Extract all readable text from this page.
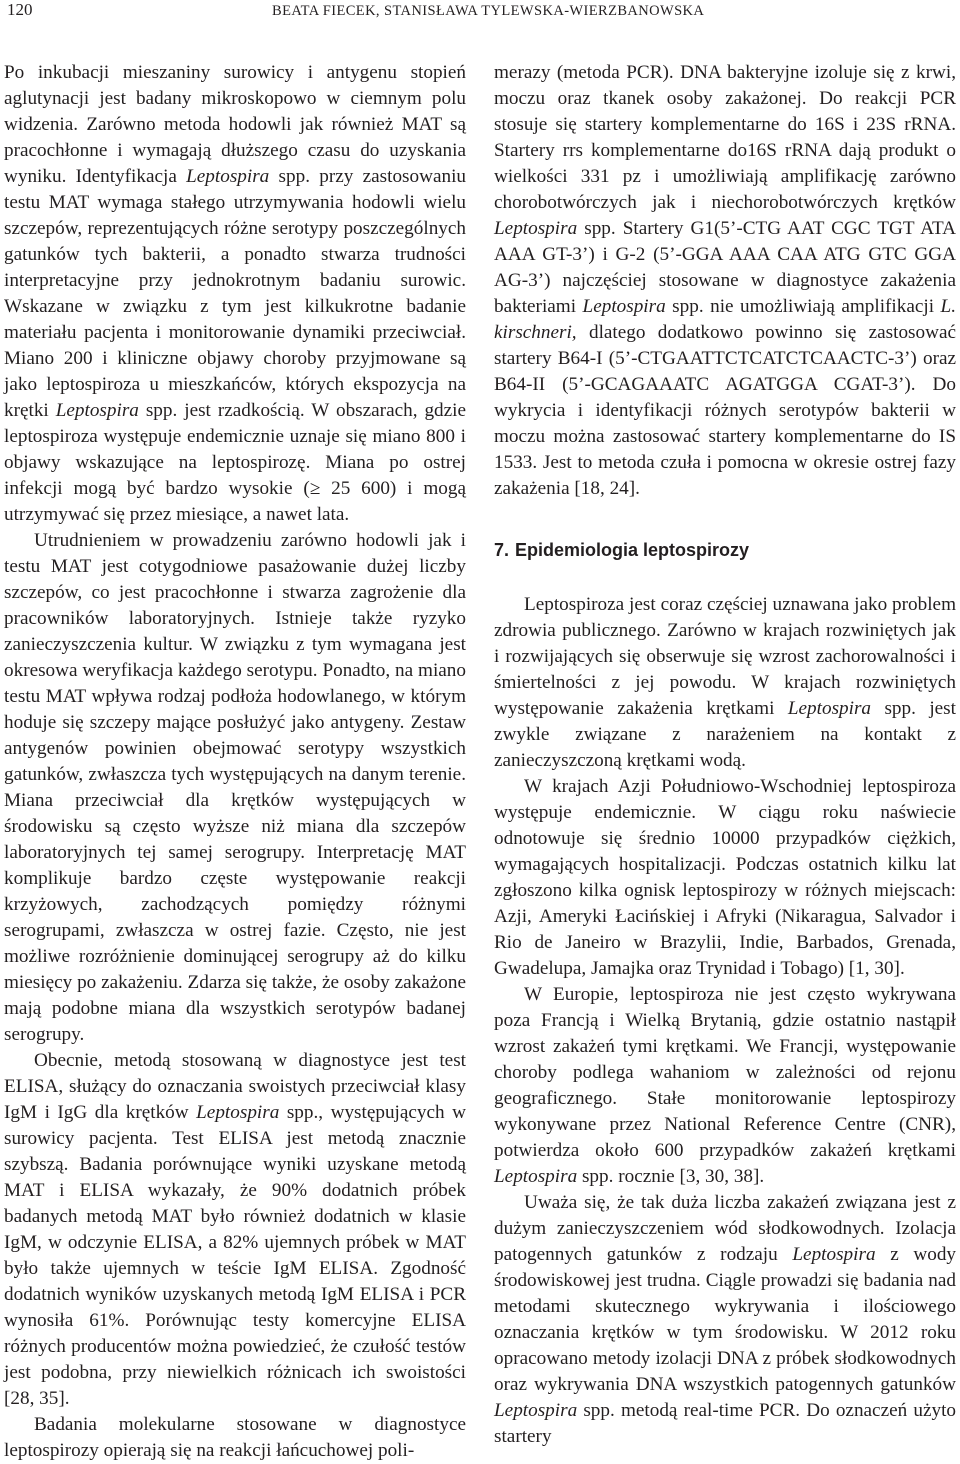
120	BEATA FIECEK, STANISŁAWA TYLEWSKA-WIERZBANOWSKA

Po inkubacji mieszaniny surowicy i antygenu stopień aglutynacji jest badany mikroskopowo w ciemnym polu widzenia. Zarówno metoda hodowli jak również MAT są pracochłonne i wymagają dłuższego czasu do uzyskania wyniku. Identyfikacja Leptospira spp. przy zastosowaniu testu MAT wymaga stałego utrzymywania hodowli wielu szczepów, reprezentujących różne serotypy poszczególnych gatunków tych bakterii, a ponadto stwarza trudności interpretacyjne przy jednokrotnym badaniu surowic. Wskazane w związku z tym jest kilkukrotne badanie materiału pacjenta i monitorowanie dynamiki przeciwciał. Miano 200 i kliniczne objawy choroby przyjmowane są jako leptospiroza u mieszkańców, których ekspozycja na krętki Leptospira spp. jest rzadkością. W obszarach, gdzie leptospiroza występuje endemicznie uznaje się miano 800 i objawy wskazujące na leptospirozę. Miana po ostrej infekcji mogą być bardzo wysokie (≥ 25 600) i mogą utrzymywać się przez miesiące, a nawet lata.

Utrudnieniem w prowadzeniu zarówno hodowli jak i testu MAT jest cotygodniowe pasażowanie dużej liczby szczepów, co jest pracochłonne i stwarza zagrożenie dla pracowników laboratoryjnych. Istnieje także ryzyko zanieczyszczenia kultur. W związku z tym wymagana jest okresowa weryfikacja każdego serotypu. Ponadto, na miano testu MAT wpływa rodzaj podłoża hodowlanego, w którym hoduje się szczepy mające posłużyć jako antygeny. Zestaw antygenów powinien obejmować serotypy wszystkich gatunków, zwłaszcza tych występujących na danym terenie. Miana przeciwciał dla krętków występujących w środowisku są często wyższe niż miana dla szczepów laboratoryjnych tej samej serogrupy. Interpretację MAT komplikuje bardzo częste występowanie reakcji krzyżowych, zachodzących pomiędzy różnymi serogrupami, zwłaszcza w ostrej fazie. Często, nie jest możliwe rozróżnienie dominującej serogrupy aż do kilku miesięcy po zakażeniu. Zdarza się także, że osoby zakażone mają podobne miana dla wszystkich serotypów badanej serogrupy.

Obecnie, metodą stosowaną w diagnostyce jest test ELISA, służący do oznaczania swoistych przeciwciał klasy IgM i IgG dla krętków Leptospira spp., występujących w surowicy pacjenta. Test ELISA jest metodą znacznie szybszą. Badania porównujące wyniki uzyskane metodą MAT i ELISA wykazały, że 90% dodatnich próbek badanych metodą MAT było również dodatnich w klasie IgM, w odczynie ELISA, a 82% ujemnych próbek w MAT było także ujemnych w teście IgM ELISA. Zgodność dodatnich wyników uzyskanych metodą IgM ELISA i PCR wynosiła 61%. Porównując testy komercyjne ELISA różnych producentów można powiedzieć, że czułość testów jest podobna, przy niewielkich różnicach ich swoistości [28, 35].

Badania molekularne stosowane w diagnostyce leptospirozy opierają się na reakcji łańcuchowej poli-

merazy (metoda PCR). DNA bakteryjne izoluje się z krwi, moczu oraz tkanek osoby zakażonej. Do reakcji PCR stosuje się startery komplementarne do 16S i 23S rRNA. Startery rrs komplementarne do16S rRNA dają produkt o wielkości 331 pz i umożliwiają amplifikację zarówno chorobotwórczych jak i niechorobotwórczych krętków Leptospira spp. Startery G1(5’-CTG AAT CGC TGT ATA AAA GT-3’) i G-2 (5’-GGA AAA CAA ATG GTC GGA AG-3’) najczęściej stosowane w diagnostyce zakażenia bakteriami Leptospira spp. nie umożliwiają amplifikacji L. kirschneri, dlatego dodatkowo powinno się zastosować startery B64-I (5’-CTGAATTCTCATCTCAACTC-3’) oraz B64-II (5’-GCAGAAATC AGATGGA CGAT-3’). Do wykrycia i identyfikacji różnych serotypów bakterii w moczu można zastosować startery komplementarne do IS 1533. Jest to metoda czuła i pomocna w okresie ostrej fazy zakażenia [18, 24].

7. Epidemiologia leptospirozy

Leptospiroza jest coraz częściej uznawana jako problem zdrowia publicznego. Zarówno w krajach rozwiniętych jak i rozwijających się obserwuje się wzrost zachorowalności i śmiertelności z jej powodu. W krajach rozwiniętych występowanie zakażenia krętkami Leptospira spp. jest zwykle związane z narażeniem na kontakt z zanieczyszczoną krętkami wodą.

W krajach Azji Południowo-Wschodniej leptospiroza występuje endemicznie. W ciągu roku naświecie odnotowuje się średnio 10000 przypadków ciężkich, wymagających hospitalizacji. Podczas ostatnich kilku lat zgłoszono kilka ognisk leptospirozy w różnych miejscach: Azji, Ameryki Łacińskiej i Afryki (Nikaragua, Salvador i Rio de Janeiro w Brazylii, Indie, Barbados, Grenada, Gwadelupa, Jamajka oraz Trynidad i Tobago) [1, 30].

W Europie, leptospiroza nie jest często wykrywana poza Francją i Wielką Brytanią, gdzie ostatnio nastąpił wzrost zakażeń tymi krętkami. We Francji, występowanie choroby podlega wahaniom w zależności od rejonu geograficznego. Stałe monitorowanie leptospirozy wykonywane przez National Reference Centre (CNR), potwierdza około 600 przypadków zakażeń krętkami Leptospira spp. rocznie [3, 30, 38].

Uważa się, że tak duża liczba zakażeń związana jest z dużym zanieczyszczeniem wód słodkowodnych. Izolacja patogennych gatunków z rodzaju Leptospira z wody środowiskowej jest trudna. Ciągle prowadzi się badania nad metodami skutecznego wykrywania i ilościowego oznaczania krętków w tym środowisku. W 2012 roku opracowano metody izolacji DNA z próbek słodkowodnych oraz wykrywania DNA wszystkich patogennych gatunków Leptospira spp. metodą real-time PCR. Do oznaczeń użyto startery
